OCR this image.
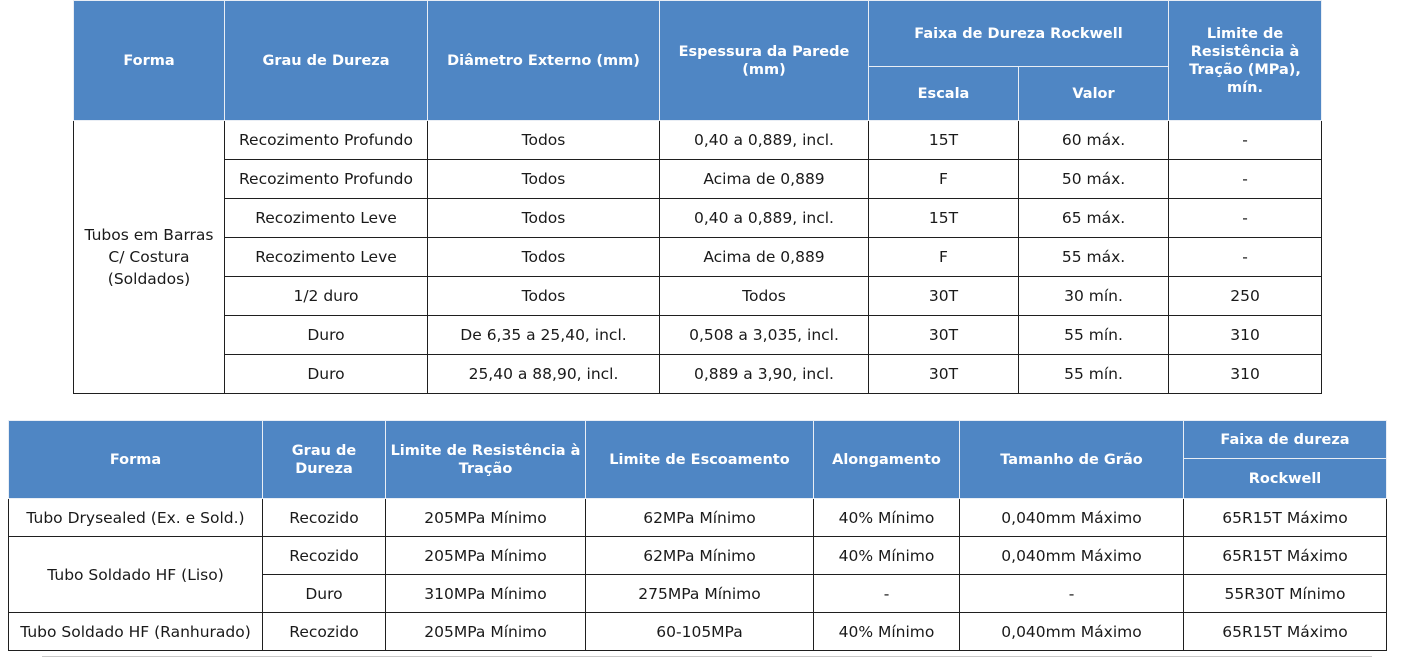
Forma	Grau de Dureza	Diâmetro Externo (mm)	Espessura da Parede (mm)	Faixa de Dureza Rockwell		Limite de Resistência à Tração (MPa), mín.
				Escala	Valor	
Tubos em Barras C/ Costura (Soldados)	Recozimento Profundo	Todos	0,40 a 0,889, incl.	15T	60 máx.	-
	Recozimento Profundo	Todos	Acima de 0,889	F	50 máx.	-
	Recozimento Leve	Todos	0,40 a 0,889, incl.	15T	65 máx.	-
	Recozimento Leve	Todos	Acima de 0,889	F	55 máx.	-
	1/2 duro	Todos	Todos	30T	30 mín.	250
	Duro	De 6,35 a 25,40, incl.	0,508 a 3,035, incl.	30T	55 mín.	310
	Duro	25,40 a 88,90, incl.	0,889 a 3,90, incl.	30T	55 mín.	310
Forma	Grau de Dureza	Limite de Resistência à Tração	Limite de Escoamento	Alongamento	Tamanho de Grão	Faixa de dureza
						Rockwell
Tubo Drysealed (Ex. e Sold.)	Recozido	205MPa Mínimo	62MPa Mínimo	40% Mínimo	0,040mm Máximo	65R15T Máximo
Tubo Soldado HF (Liso)	Recozido	205MPa Mínimo	62MPa Mínimo	40% Mínimo	0,040mm Máximo	65R15T Máximo
	Duro	310MPa Mínimo	275MPa Mínimo	-	-	55R30T Mínimo
Tubo Soldado HF (Ranhurado)	Recozido	205MPa Mínimo	60-105MPa	40% Mínimo	0,040mm Máximo	65R15T Máximo
